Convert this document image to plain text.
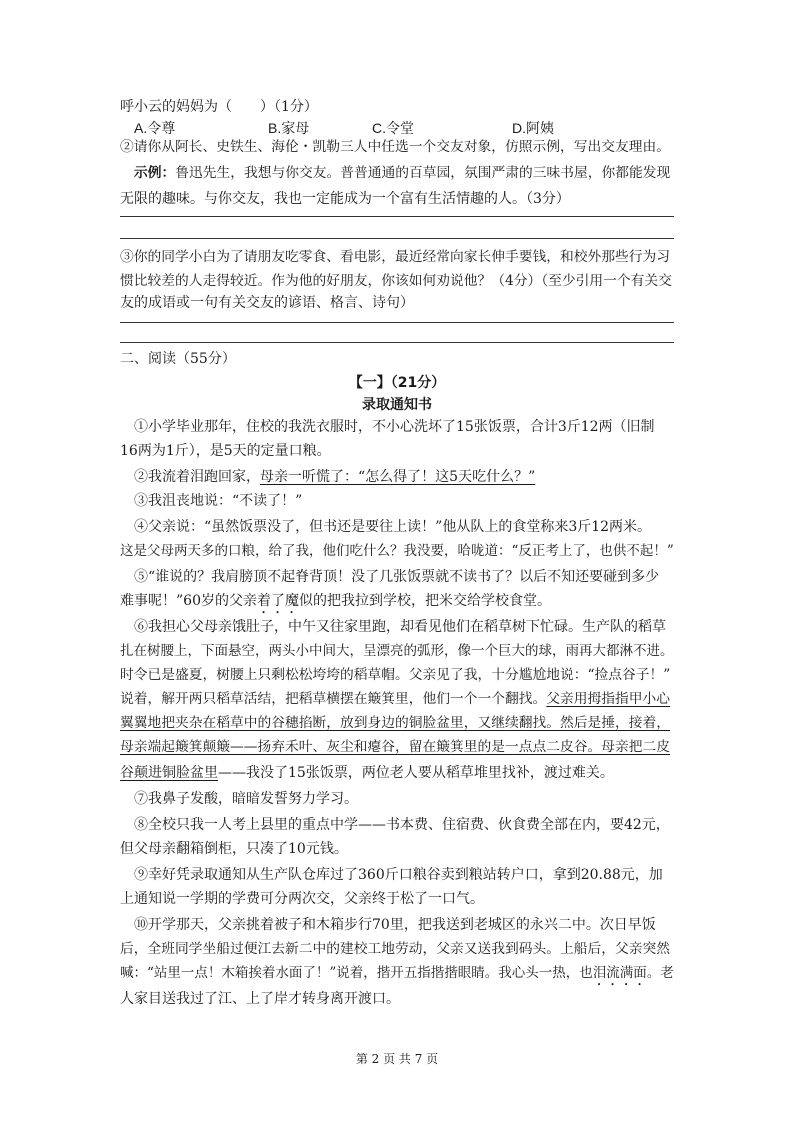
呼小云的妈妈为（　　）（1分）
A.令尊	B.家母	C.令堂	D.阿姨
②请你从阿长、史铁生、海伦・凯勒三人中任选一个交友对象，仿照示例，写出交友理由。
示例：鲁迅先生，我想与你交友。普普通通的百草园，氛围严肃的三味书屋，你都能发现
无限的趣味。与你交友，我也一定能成为一个富有生活情趣的人。（3分）
③你的同学小白为了请朋友吃零食、看电影，最近经常向家长伸手要钱，和校外那些行为习
惯比较差的人走得较近。作为他的好朋友，你该如何劝说他？（4分）（至少引用一个有关交
友的成语或一句有关交友的谚语、格言、诗句）
二、阅读（55分）
【一】（21分）
录取通知书
①小学毕业那年，住校的我洗衣服时，不小心洗坏了15张饭票，合计3斤12两（旧制
16两为1斤），是5天的定量口粮。
②我流着泪跑回家，母亲一听慌了：“怎么得了！这5天吃什么？”
③我沮丧地说：“不读了！”
④父亲说：“虽然饭票没了，但书还是要往上读！”他从队上的食堂称来3斤12两米。
这是父母两天多的口粮，给了我，他们吃什么？我没要，哈咙道：“反正考上了，也供不起！”
⑤“谁说的？我肩膀顶不起脊背顶！没了几张饭票就不读书了？以后不知还要碰到多少
难事呢！”60岁的父亲着了魔似的把我拉到学校，把米交给学校食堂。
⑥我担心父母亲饿肚子，中午又往家里跑，却看见他们在稻草树下忙碌。生产队的稻草
扎在树腰上，下面悬空，两头小中间大，呈漂亮的弧形，像一个巨大的球，雨再大都淋不进。
时令已是盛夏，树腰上只剩松松垮垮的稻草帽。父亲见了我，十分尴尬地说：“捡点谷子！”
说着，解开两只稻草活结，把稻草横摆在簸箕里，他们一个一个翻找。父亲用拇指指甲小心
翼翼地把夹杂在稻草中的谷穗掐断，放到身边的铜脸盆里，又继续翻找。然后是捶，接着，
母亲端起簸箕颠簸——扬弃禾叶、灰尘和瘪谷，留在簸箕里的是一点点二皮谷。母亲把二皮
谷颠进铜脸盆里——我没了15张饭票，两位老人要从稻草堆里找补，渡过难关。
⑦我鼻子发酸，暗暗发誓努力学习。
⑧全校只我一人考上县里的重点中学——书本费、住宿费、伙食费全部在内，要42元，
但父母亲翻箱倒柜，只凑了10元钱。
⑨幸好凭录取通知从生产队仓库过了360斤口粮谷卖到粮站转户口，拿到20.88元，加
上通知说一学期的学费可分两次交，父亲终于松了一口气。
⑩开学那天，父亲挑着被子和木箱步行70里，把我送到老城区的永兴二中。次日早饭
后，全班同学坐船过便江去新二中的建校工地劳动，父亲又送我到码头。上船后，父亲突然
喊：“站里一点！木箱挨着水面了！”说着，揩开五指揩揩眼睛。我心头一热，也泪流满面。老
人家目送我过了江、上了岸才转身离开渡口。
第 2 页 共 7 页
